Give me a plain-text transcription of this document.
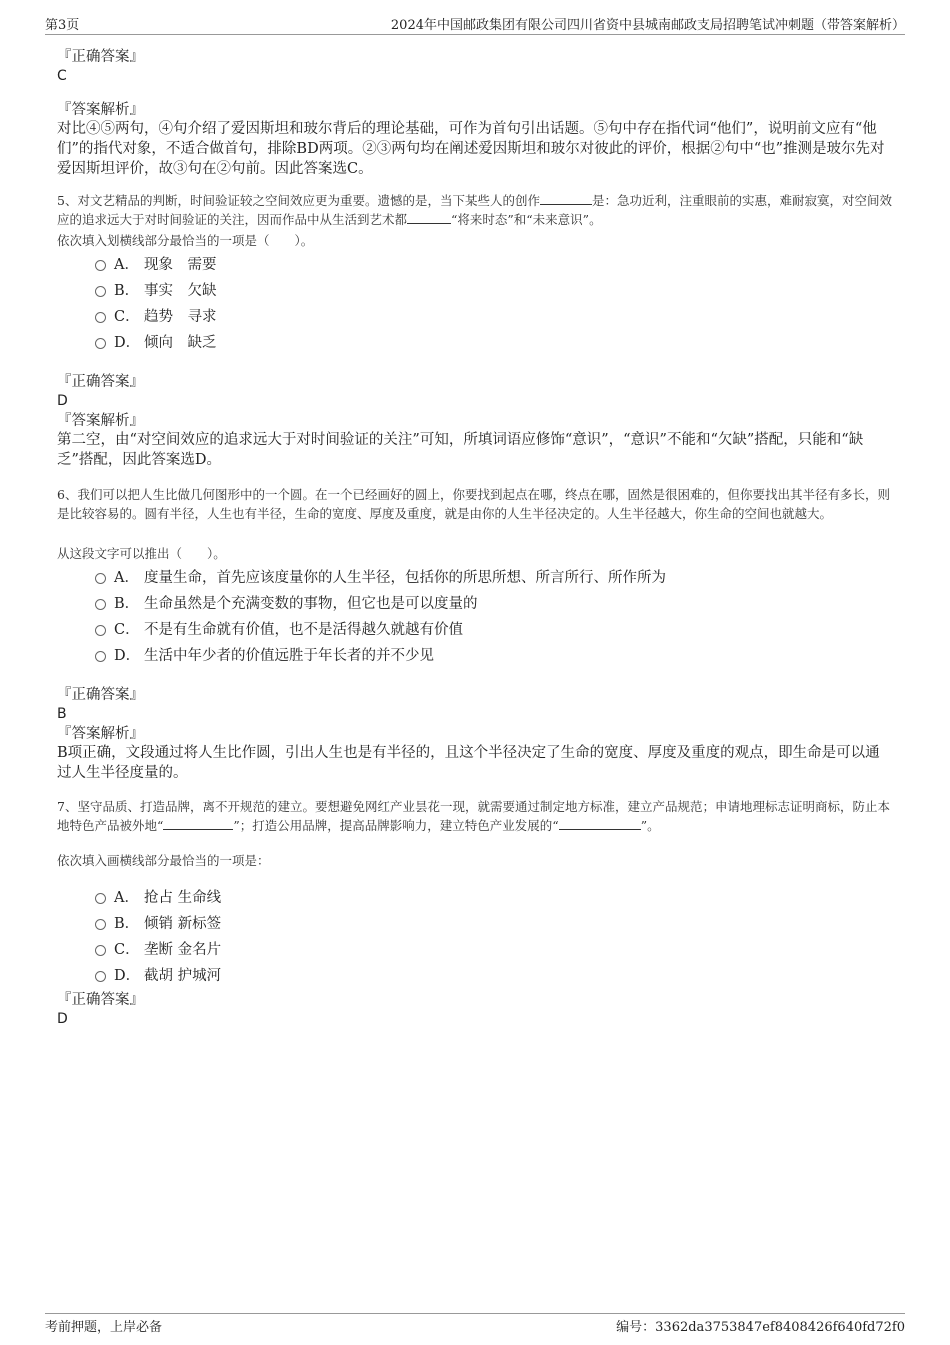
第3页	2024年中国邮政集团有限公司四川省资中县城南邮政支局招聘笔试冲刺题（带答案解析）
『正确答案』
C
『答案解析』
对比④⑤两句，④句介绍了爱因斯坦和玻尔背后的理论基础，可作为首句引出话题。⑤句中存在指代词“他们”，说明前文应有“他们”的指代对象，不适合做首句，排除BD两项。②③两句均在阐述爱因斯坦和玻尔对彼此的评价，根据②句中“也”推测是玻尔先对爱因斯坦评价，故③句在②句前。因此答案选C。
5、对文艺精品的判断，时间验证较之空间效应更为重要。遗憾的是，当下某些人的创作	是：急功近利，注重眼前的实惠，难耐寂寞，对空间效应的追求远大于对时间验证的关注，因而作品中从生活到艺术都	“将来时态”和“未来意识”。
依次填入划横线部分最恰当的一项是（　　）。
A． 现象　需要
B． 事实　欠缺
C． 趋势　寻求
D． 倾向　缺乏
『正确答案』
D
『答案解析』
第二空，由“对空间效应的追求远大于对时间验证的关注”可知，所填词语应修饰“意识”，“意识”不能和“欠缺”搭配，只能和“缺乏”搭配，因此答案选D。
6、我们可以把人生比做几何图形中的一个圆。在一个已经画好的圆上，你要找到起点在哪，终点在哪，固然是很困难的，但你要找出其半径有多长，则是比较容易的。圆有半径，人生也有半径，生命的宽度、厚度及重度，就是由你的人生半径决定的。人生半径越大，你生命的空间也就越大。
从这段文字可以推出（　　）。
A． 度量生命，首先应该度量你的人生半径，包括你的所思所想、所言所行、所作所为
B． 生命虽然是个充满变数的事物，但它也是可以度量的
C． 不是有生命就有价值，也不是活得越久就越有价值
D． 生活中年少者的价值远胜于年长者的并不少见
『正确答案』
B
『答案解析』
B项正确，文段通过将人生比作圆，引出人生也是有半径的，且这个半径决定了生命的宽度、厚度及重度的观点，即生命是可以通过人生半径度量的。
7、坚守品质、打造品牌，离不开规范的建立。要想避免网红产业昙花一现，就需要通过制定地方标准，建立产品规范；申请地理标志证明商标，防止本地特色产品被外地“	”；打造公用品牌，提高品牌影响力，建立特色产业发展的“	”。
依次填入画横线部分最恰当的一项是：
A． 抢占 生命线
B． 倾销 新标签
C． 垄断 金名片
D． 截胡 护城河
『正确答案』
D
考前押题，上岸必备	编号：3362da3753847ef8408426f640fd72f0
